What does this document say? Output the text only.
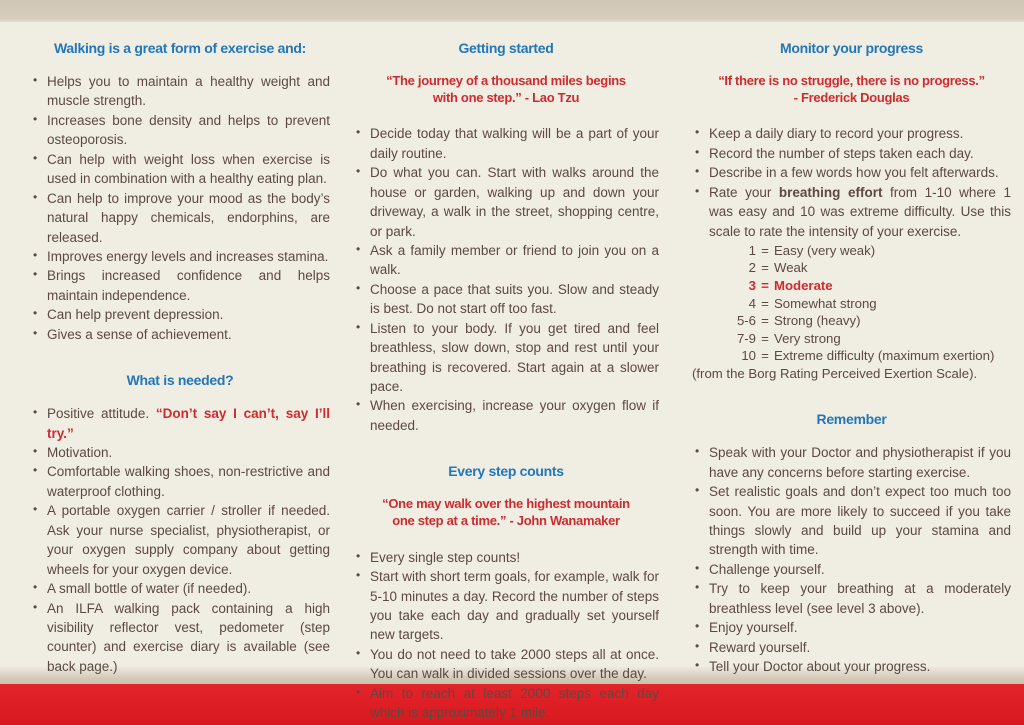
Walking is a great form of exercise and:
• Helps you to maintain a healthy weight and muscle strength.
• Increases bone density and helps to prevent osteoporosis.
• Can help with weight loss when exercise is used in combination with a healthy eating plan.
• Can help to improve your mood as the body’s natural happy chemicals, endorphins, are released.
• Improves energy levels and increases stamina.
• Brings increased confidence and helps maintain independence.
• Can help prevent depression.
• Gives a sense of achievement.
What is needed?
• Positive attitude. “Don’t say I can’t, say I’ll try.”
• Motivation.
• Comfortable walking shoes, non-restrictive and waterproof clothing.
• A portable oxygen carrier / stroller if needed. Ask your nurse specialist, physiotherapist, or your oxygen supply company about getting wheels for your oxygen device.
• A small bottle of water (if needed).
• An ILFA walking pack containing a high visibility reflector vest, pedometer (step counter) and exercise diary is available (see back page.)
Getting started
“The journey of a thousand miles begins
with one step.” - Lao Tzu
• Decide today that walking will be a part of your daily routine.
• Do what you can. Start with walks around the house or garden, walking up and down your driveway, a walk in the street, shopping centre, or park.
• Ask a family member or friend to join you on a walk.
• Choose a pace that suits you. Slow and steady is best. Do not start off too fast.
• Listen to your body. If you get tired and feel breathless, slow down, stop and rest until your breathing is recovered. Start again at a slower pace.
• When exercising, increase your oxygen flow if needed.
Every step counts
“One may walk over the highest mountain
one step at a time.” - John Wanamaker
• Every single step counts!
• Start with short term goals, for example, walk for 5-10 minutes a day. Record the number of steps you take each day and gradually set yourself new targets.
• You do not need to take 2000 steps all at once. You can walk in divided sessions over the day.
• Aim to reach at least 2000 steps each day which is approximately 1 mile.
Monitor your progress
“If there is no struggle, there is no progress.”
- Frederick Douglas
• Keep a daily diary to record your progress.
• Record the number of steps taken each day.
• Describe in a few words how you felt afterwards.
• Rate your breathing effort from 1-10 where 1 was easy and 10 was extreme difficulty. Use this scale to rate the intensity of your exercise.
1 = Easy (very weak)
2 = Weak
3 = Moderate
4 = Somewhat strong
5-6 = Strong (heavy)
7-9 = Very strong
10 = Extreme difficulty (maximum exertion)
(from the Borg Rating Perceived Exertion Scale).
Remember
• Speak with your Doctor and physiotherapist if you have any concerns before starting exercise.
• Set realistic goals and don’t expect too much too soon. You are more likely to succeed if you take things slowly and build up your stamina and strength with time.
• Challenge yourself.
• Try to keep your breathing at a moderately breathless level (see level 3 above).
• Enjoy yourself.
• Reward yourself.
• Tell your Doctor about your progress.
